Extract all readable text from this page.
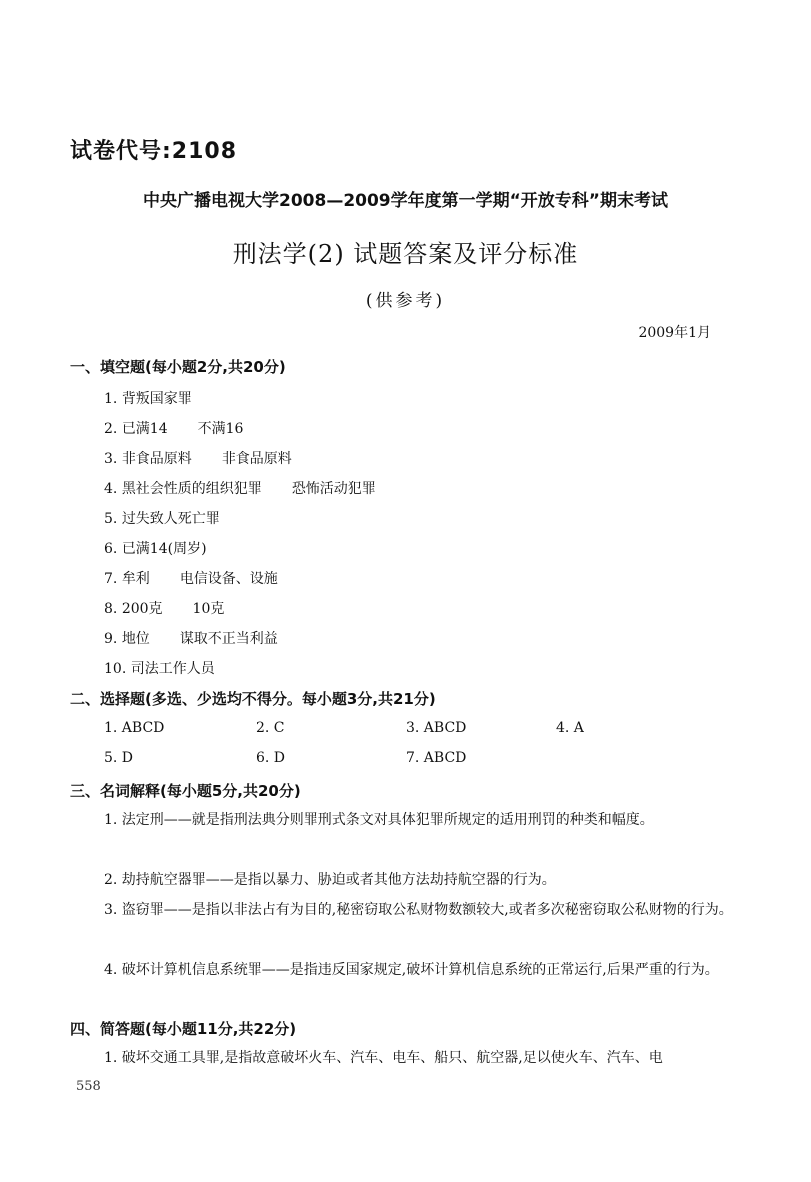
试卷代号:2108
中央广播电视大学2008—2009学年度第一学期“开放专科”期末考试
刑法学(2) 试题答案及评分标准
(供参考)
2009年1月
一、填空题(每小题2分,共20分)
1. 背叛国家罪
2. 已满14 不满16
3. 非食品原料 非食品原料
4. 黑社会性质的组织犯罪 恐怖活动犯罪
5. 过失致人死亡罪
6. 已满14(周岁)
7. 牟利 电信设备、设施
8. 200克 10克
9. 地位 谋取不正当利益
10. 司法工作人员
二、选择题(多选、少选均不得分。每小题3分,共21分)
1. ABCD	2. C	3. ABCD	4. A
5. D	6. D	7. ABCD
三、名词解释(每小题5分,共20分)
1. 法定刑——就是指刑法典分则罪刑式条文对具体犯罪所规定的适用刑罚的种类和幅度。
2. 劫持航空器罪——是指以暴力、胁迫或者其他方法劫持航空器的行为。
3. 盗窃罪——是指以非法占有为目的,秘密窃取公私财物数额较大,或者多次秘密窃取公私财物的行为。
4. 破坏计算机信息系统罪——是指违反国家规定,破坏计算机信息系统的正常运行,后果严重的行为。
四、简答题(每小题11分,共22分)
1. 破坏交通工具罪,是指故意破坏火车、汽车、电车、船只、航空器,足以使火车、汽车、电
558
